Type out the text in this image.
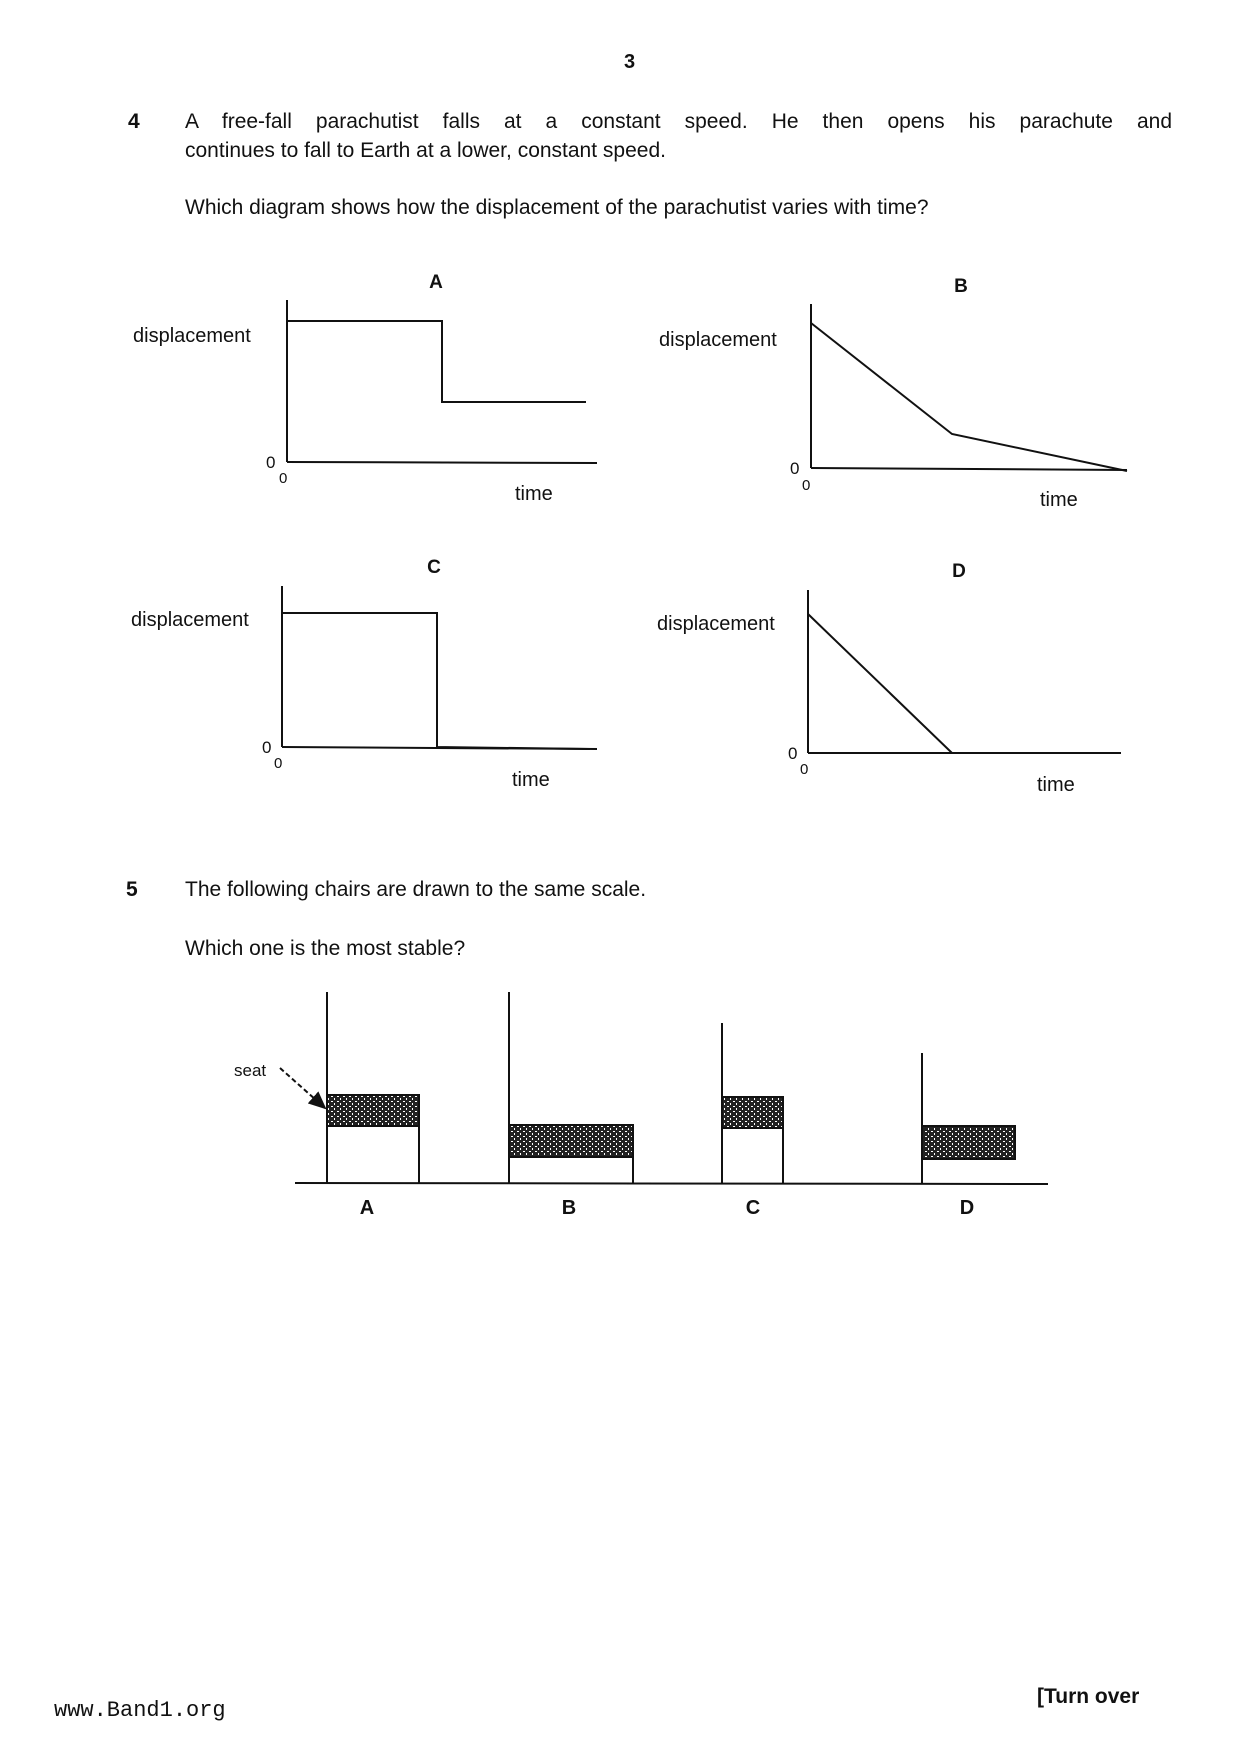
3
4 A free-fall parachutist falls at a constant speed. He then opens his parachute and
continues to fall to Earth at a lower, constant speed.
Which diagram shows how the displacement of the parachutist varies with time?
A
displacement
time
0
0
B
displacement
time
0
0
C
displacement
time
0
0
D
displacement
time
0
0
seat
A	B	C	D
5 The following chairs are drawn to the same scale.
Which one is the most stable?
www.Band1.org
[Turn over
